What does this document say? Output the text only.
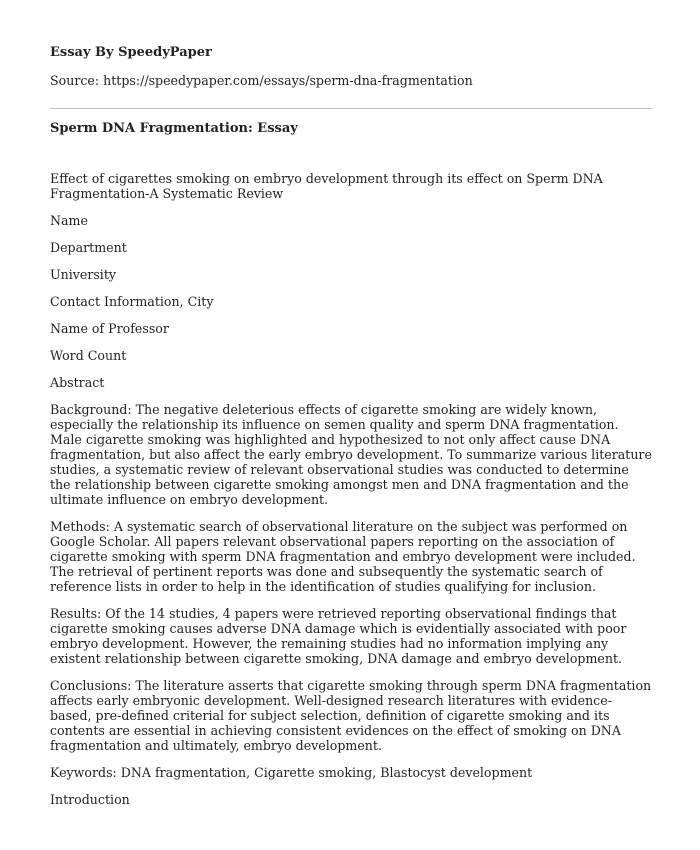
Essay By SpeedyPaper
Source: https://speedypaper.com/essays/sperm-dna-fragmentation
Sperm DNA Fragmentation: Essay

Effect of cigarettes smoking on embryo development through its effect on Sperm DNA Fragmentation-A Systematic Review

Name

Department

University

Contact Information, City

Name of Professor

Word Count

Abstract

Background: The negative deleterious effects of cigarette smoking are widely known, especially the relationship its influence on semen quality and sperm DNA fragmentation. Male cigarette smoking was highlighted and hypothesized to not only affect cause DNA fragmentation, but also affect the early embryo development. To summarize various literature studies, a systematic review of relevant observational studies was conducted to determine the relationship between cigarette smoking amongst men and DNA fragmentation and the ultimate influence on embryo development.

Methods: A systematic search of observational literature on the subject was performed on Google Scholar. All papers relevant observational papers reporting on the association of cigarette smoking with sperm DNA fragmentation and embryo development were included. The retrieval of pertinent reports was done and subsequently the systematic search of reference lists in order to help in the identification of studies qualifying for inclusion.

Results: Of the 14 studies, 4 papers were retrieved reporting observational findings that cigarette smoking causes adverse DNA damage which is evidentially associated with poor embryo development. However, the remaining studies had no information implying any existent relationship between cigarette smoking, DNA damage and embryo development.

Conclusions: The literature asserts that cigarette smoking through sperm DNA fragmentation affects early embryonic development. Well-designed research literatures with evidence-based, pre-defined criterial for subject selection, definition of cigarette smoking and its contents are essential in achieving consistent evidences on the effect of smoking on DNA fragmentation and ultimately, embryo development.

Keywords: DNA fragmentation, Cigarette smoking, Blastocyst development

Introduction
